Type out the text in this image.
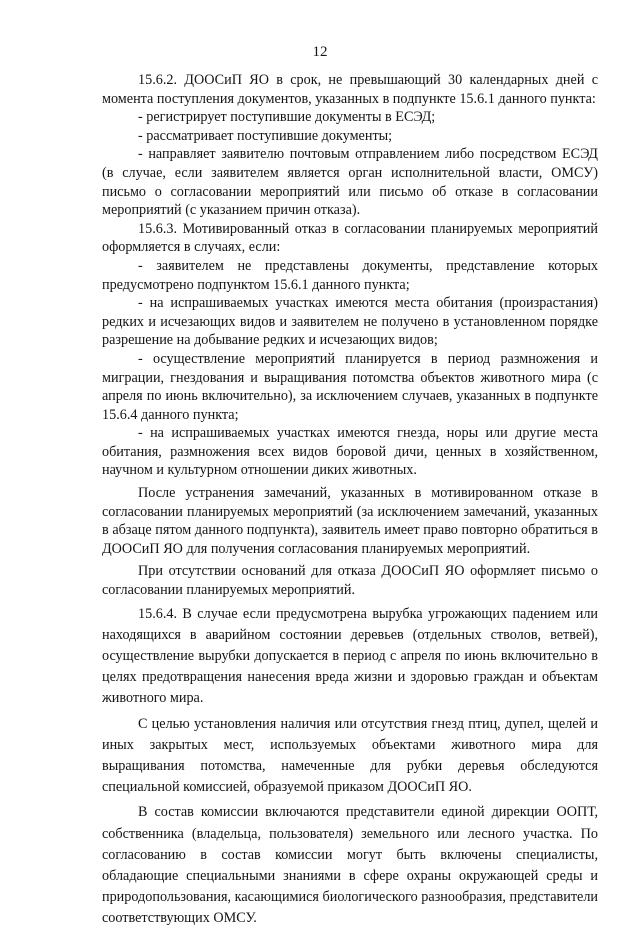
12

15.6.2. ДООСиП ЯО в срок, не превышающий 30 календарных дней с момента поступления документов, указанных в подпункте 15.6.1 данного пункта:

- регистрирует поступившие документы в ЕСЭД;

- рассматривает поступившие документы;

- направляет заявителю почтовым отправлением либо посредством ЕСЭД (в случае, если заявителем является орган исполнительной власти, ОМСУ) письмо о согласовании мероприятий или письмо об отказе в согласовании мероприятий (с указанием причин отказа).

15.6.3. Мотивированный отказ в согласовании планируемых мероприятий оформляется в случаях, если:

- заявителем не представлены документы, представление которых предусмотрено подпунктом 15.6.1 данного пункта;

- на испрашиваемых участках имеются места обитания (произрастания) редких и исчезающих видов и заявителем не получено в установленном порядке разрешение на добывание редких и исчезающих видов;

- осуществление мероприятий планируется в период размножения и миграции, гнездования и выращивания потомства объектов животного мира (с апреля по июнь включительно), за исключением случаев, указанных в подпункте 15.6.4 данного пункта;

- на испрашиваемых участках имеются гнезда, норы или другие места обитания, размножения всех видов боровой дичи, ценных в хозяйственном, научном и культурном отношении диких животных.

После устранения замечаний, указанных в мотивированном отказе в согласовании планируемых мероприятий (за исключением замечаний, указанных в абзаце пятом данного подпункта), заявитель имеет право повторно обратиться в ДООСиП ЯО для получения согласования планируемых мероприятий.

При отсутствии оснований для отказа ДООСиП ЯО оформляет письмо о согласовании планируемых мероприятий.

15.6.4. В случае если предусмотрена вырубка угрожающих падением или находящихся в аварийном состоянии деревьев (отдельных стволов, ветвей), осуществление вырубки допускается в период с апреля по июнь включительно в целях предотвращения нанесения вреда жизни и здоровью граждан и объектам животного мира.

С целью установления наличия или отсутствия гнезд птиц, дупел, щелей и иных закрытых мест, используемых объектами животного мира для выращивания потомства, намеченные для рубки деревья обследуются специальной комиссией, образуемой приказом ДООСиП ЯО.

В состав комиссии включаются представители единой дирекции ООПТ, собственника (владельца, пользователя) земельного или лесного участка. По согласованию в состав комиссии могут быть включены специалисты, обладающие специальными знаниями в сфере охраны окружающей среды и природопользования, касающимися биологического разнообразия, представители соответствующих ОМСУ.
